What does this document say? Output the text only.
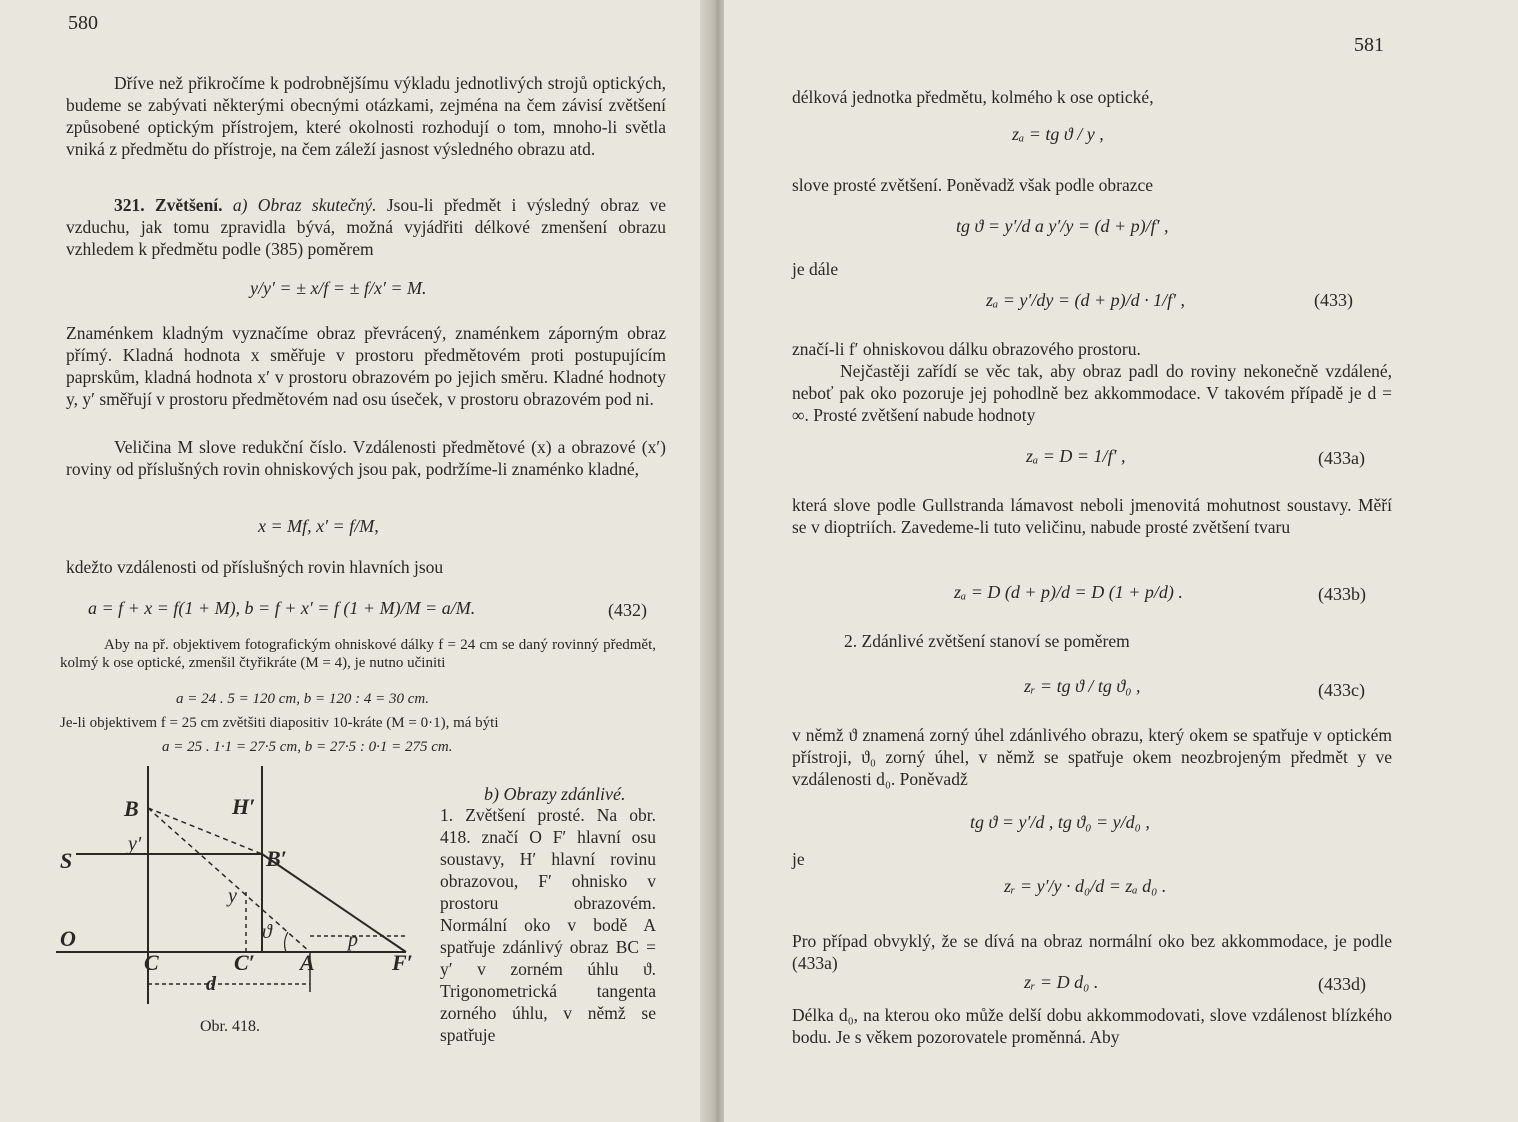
580
Dříve než přikročíme k podrobnějšímu výkladu jednotlivých strojů optických, budeme se zabývati některými obecnými otázkami, zejména na čem závisí zvětšení způsobené optickým přístrojem, které okolnosti rozhodují o tom, mnoho-li světla vniká z předmětu do přístroje, na čem záleží jasnost výsledného obrazu atd.
321. Zvětšení. a) Obraz skutečný. Jsou-li předmět i výsledný obraz ve vzduchu, jak tomu zpravidla bývá, možná vyjádřiti délkové zmenšení obrazu vzhledem k předmětu podle (385) poměrem
y/y′ = ± x/f = ± f/x′ = M.
Znaménkem kladným vyznačíme obraz převrácený, znaménkem záporným obraz přímý. Kladná hodnota x směřuje v prostoru předmětovém proti postupujícím paprskům, kladná hodnota x′ v prostoru obrazovém po jejich směru. Kladné hodnoty y, y′ směřují v prostoru předmětovém nad osu úseček, v prostoru obrazovém pod ni.
Veličina M slove redukční číslo. Vzdálenosti předmětové (x) a obrazové (x′) roviny od příslušných rovin ohniskových jsou pak, podržíme-li znaménko kladné,
x = Mf, x′ = f/M,
kdežto vzdálenosti od příslušných rovin hlavních jsou
a = f + x = f(1 + M), b = f + x′ = f (1 + M)/M = a/M.	(432)
Aby na př. objektivem fotografickým ohniskové dálky f = 24 cm se daný rovinný předmět, kolmý k ose optické, zmenšil čtyřikráte (M = 4), je nutno učiniti
a = 24 . 5 = 120 cm, b = 120 : 4 = 30 cm.
Je-li objektivem f = 25 cm zvětšiti diapositiv 10-kráte (M = 0·1), má býti
a = 25 . 1·1 = 27·5 cm, b = 27·5 : 0·1 = 275 cm.
b) Obrazy zdánlivé.
B	H′
S
y′
B′
y
ϑ	p
O
C	C′ A	F′
d
Obr. 418.
1. Zvětšení prosté. Na obr. 418. značí O F′ hlavní osu soustavy, H′ hlavní rovinu obrazovou, F′ ohnisko v prostoru obrazovém. Normální oko v bodě A spatřuje zdánlivý obraz BC = y′ v zorném úhlu ϑ. Trigonometrická tangenta zorného úhlu, v němž se spatřuje
581
délková jednotka předmětu, kolmého k ose optické,
zₐ = tg ϑ / y ,
slove prosté zvětšení. Poněvadž však podle obrazce
tg ϑ = y′/d a y′/y = (d + p)/f′ ,
je dále
zₐ = y′/dy = (d + p)/d · 1/f′ ,	(433)
značí-li f′ ohniskovou dálku obrazového prostoru.
Nejčastěji zařídí se věc tak, aby obraz padl do roviny nekonečně vzdálené, neboť pak oko pozoruje jej pohodlně bez akkommodace. V takovém případě je d = ∞. Prosté zvětšení nabude hodnoty
zₐ = D = 1/f′ ,	(433a)
která slove podle Gullstranda lámavost neboli jmenovitá mohutnost soustavy. Měří se v dioptriích. Zavedeme-li tuto veličinu, nabude prosté zvětšení tvaru
zₐ = D (d + p)/d = D (1 + p/d) .	(433b)
2. Zdánlivé zvětšení stanoví se poměrem
zᵣ = tg ϑ / tg ϑ₀ ,	(433c)
v němž ϑ znamená zorný úhel zdánlivého obrazu, který okem se spatřuje v optickém přístroji, ϑ₀ zorný úhel, v němž se spatřuje okem neozbrojeným předmět y ve vzdálenosti d₀. Poněvadž
tg ϑ = y′/d , tg ϑ₀ = y/d₀ ,
je
zᵣ = y′/y · d₀/d = zₐ d₀ .
Pro případ obvyklý, že se dívá na obraz normální oko bez akkommodace, je podle (433a)
zᵣ = D d₀ .	(433d)
Délka d₀, na kterou oko může delší dobu akkommodovati, slove vzdálenost blízkého bodu. Je s věkem pozorovatele proměnná. Aby
